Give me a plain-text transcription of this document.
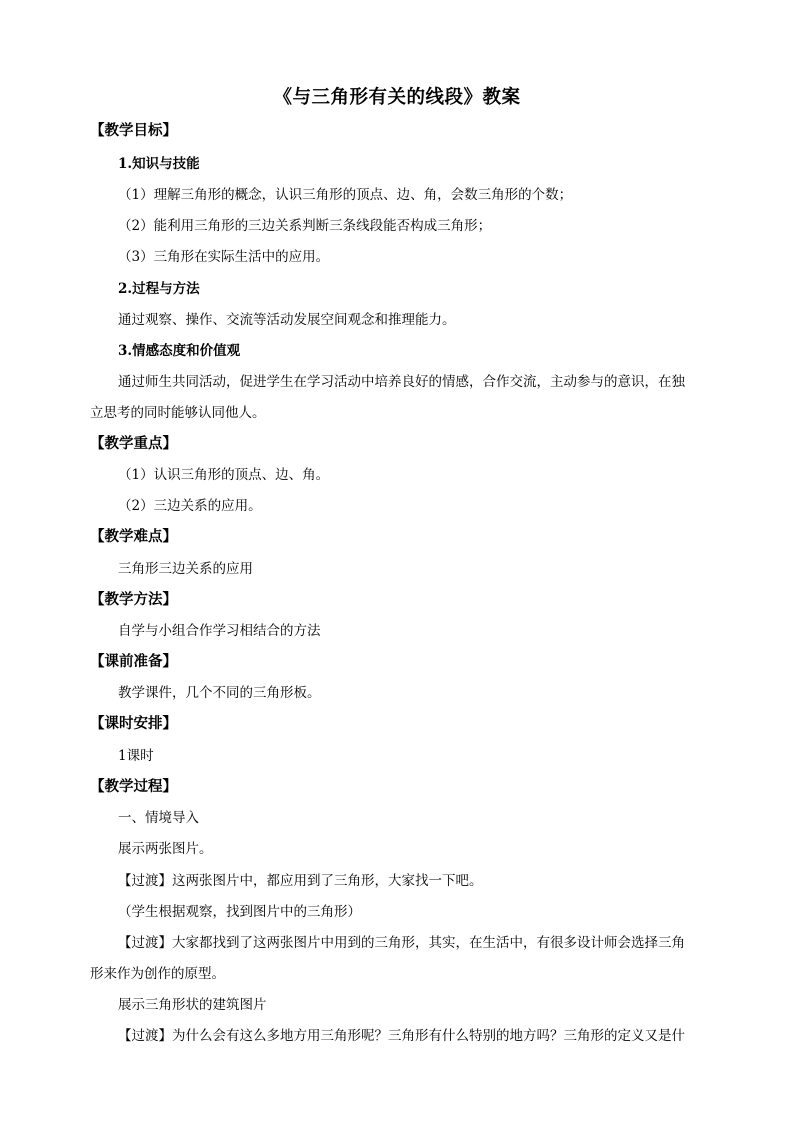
《与三角形有关的线段》教案
【教学目标】
1.知识与技能
（1）理解三角形的概念，认识三角形的顶点、边、角，会数三角形的个数；
（2）能利用三角形的三边关系判断三条线段能否构成三角形；
（3）三角形在实际生活中的应用。
2.过程与方法
通过观察、操作、交流等活动发展空间观念和推理能力。
3.情感态度和价值观
通过师生共同活动，促进学生在学习活动中培养良好的情感，合作交流，主动参与的意识，在独
立思考的同时能够认同他人。
【教学重点】
（1）认识三角形的顶点、边、角。
（2）三边关系的应用。
【教学难点】
三角形三边关系的应用
【教学方法】
自学与小组合作学习相结合的方法
【课前准备】
教学课件，几个不同的三角形板。
【课时安排】
1课时
【教学过程】
一、情境导入
展示两张图片。
【过渡】这两张图片中，都应用到了三角形，大家找一下吧。
（学生根据观察，找到图片中的三角形）
【过渡】大家都找到了这两张图片中用到的三角形，其实，在生活中，有很多设计师会选择三角
形来作为创作的原型。
展示三角形状的建筑图片
【过渡】为什么会有这么多地方用三角形呢？三角形有什么特别的地方吗？三角形的定义又是什
